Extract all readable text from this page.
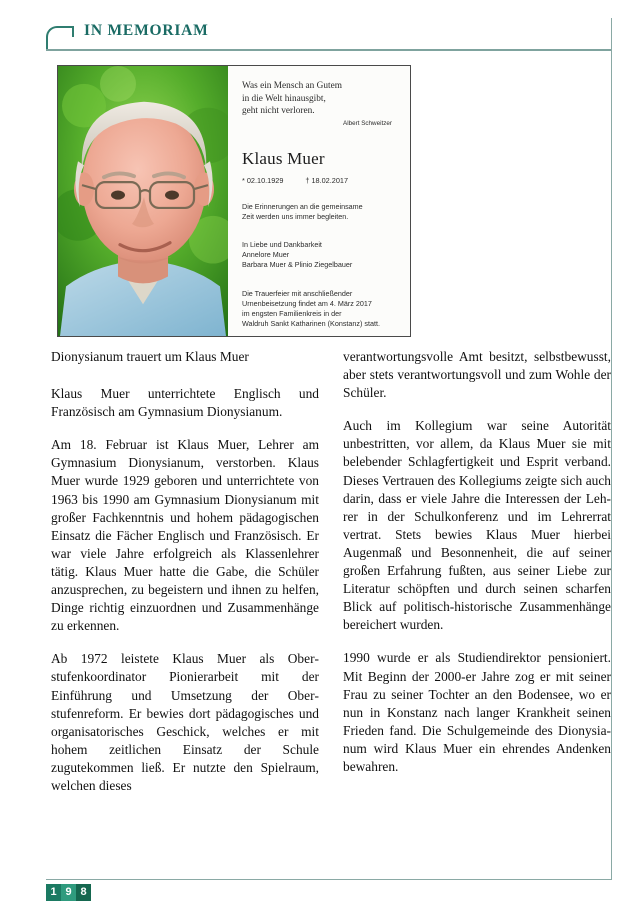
IN MEMORIAM
Was ein Mensch an Gutem
in die Welt hinausgibt,
geht nicht verloren.
Albert Schweitzer
Klaus Muer
* 02.10.1929	† 18.02.2017
Die Erinnerungen an die gemeinsame
Zeit werden uns immer begleiten.
In Liebe und Dankbarkeit
Annelore Muer
Barbara Muer & Plinio Ziegelbauer
Die Trauerfeier mit anschließender
Urnenbeisetzung findet am 4. März 2017
im engsten Familienkreis in der
Waldruh Sankt Katharinen (Konstanz) statt.

Dionysianum trauert um Klaus Muer

Klaus Muer unterrichtete Englisch und Französisch am Gymnasium Dionysianum.

Am 18. Februar ist Klaus Muer, Lehrer am Gymnasium Dionysianum, verstorben. Klaus Muer wurde 1929 geboren und unterrichtete von 1963 bis 1990 am Gymnasium Dionysianum mit großer Fachkenntnis und hohem pädagogischen Einsatz die Fächer Englisch und Französisch. Er war viele Jahre erfolgreich als Klassenlehrer tätig. Klaus Muer hatte die Gabe, die Schüler anzusprechen, zu begeistern und ihnen zu helfen, Dinge richtig einzuordnen und Zusammenhänge zu erkennen.

Ab 1972 leistete Klaus Muer als Oberstufenkoordinator Pionierarbeit mit der Einführung und Umsetzung der Oberstufenreform. Er bewies dort pädagogisches und organisatorisches Geschick, welches er mit hohem zeitlichen Einsatz der Schule zugutekommen ließ. Er nutzte den Spielraum, welchen dieses

verantwortungsvolle Amt besitzt, selbstbewusst, aber stets verantwortungsvoll und zum Wohle der Schüler.

Auch im Kollegium war seine Autorität unbestritten, vor allem, da Klaus Muer sie mit belebender Schlagfertigkeit und Esprit verband. Dieses Vertrauen des Kollegiums zeigte sich auch darin, dass er viele Jahre die Interessen der Lehrer in der Schulkonferenz und im Lehrerrat vertrat. Stets bewies Klaus Muer hierbei Augenmaß und Besonnenheit, die auf seiner großen Erfahrung fußten, aus seiner Liebe zur Literatur schöpften und durch seinen scharfen Blick auf politisch-historische Zusammenhänge bereichert wurden.

1990 wurde er als Studiendirektor pensioniert. Mit Beginn der 2000-er Jahre zog er mit seiner Frau zu seiner Tochter an den Bodensee, wo er nun in Konstanz nach langer Krankheit seinen Frieden fand. Die Schulgemeinde des Dionysianum wird Klaus Muer ein ehrendes Andenken bewahren.

1 9 8
